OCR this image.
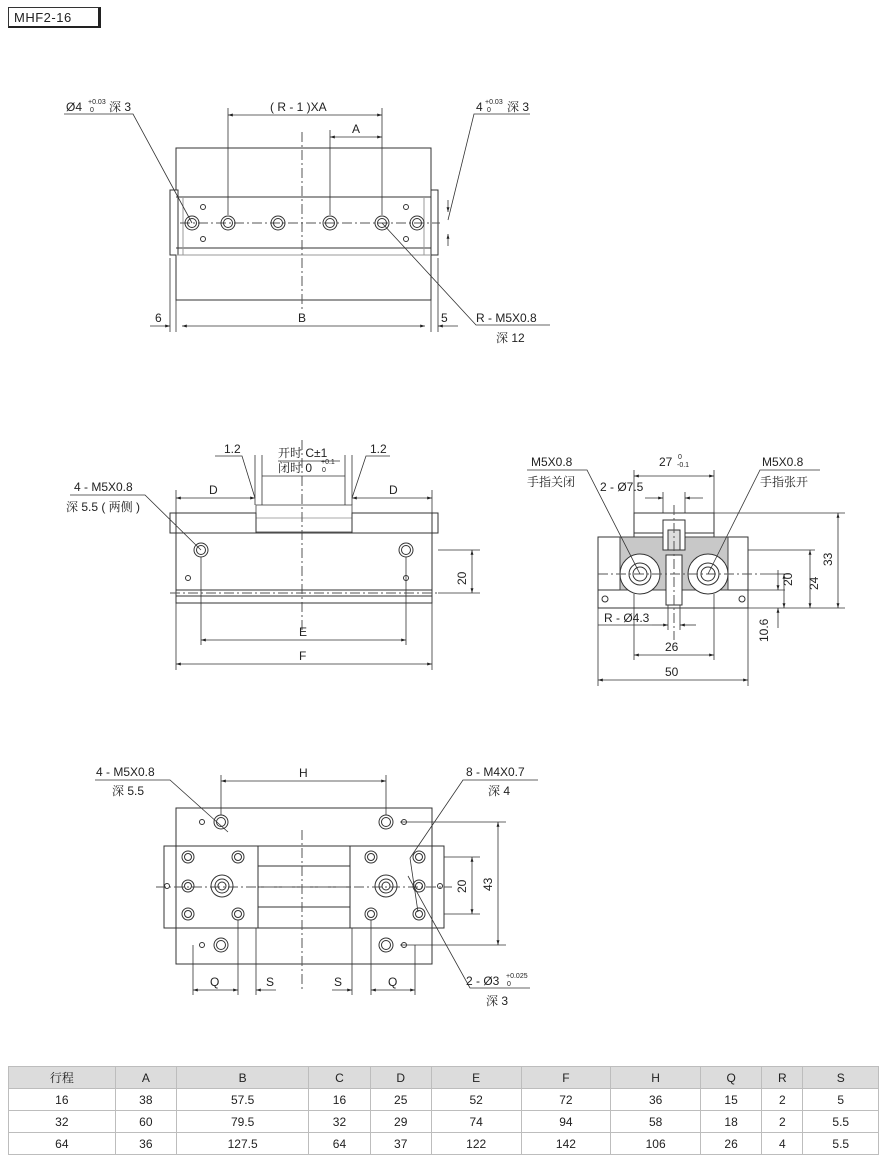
MHF2-16
Ø4 +0.03
0 深 3	( R - 1 )XA
A
4 +0.03
0 深 3
6	B	5 R - M5X0.8
深 12
1.2	1.2
开时 C±1
闭时 0 +0.1
0
D	D
4 - M5X0.8
深 5.5 ( 两侧 )
20
E
F
M5X0.8
手指关闭 2 - Ø7.5
27 0
-0.1	M5X0.8
手指张开
20 24
33
10.6
R - Ø4.3
26
50
4 - M5X0.8
深 5.5
H	8 - M4X0.7
深 4
20 43
Q	S	S	Q	2 - Ø3 +0.025
0
深 3
行程	A	B	C	D	E	F	H	Q	R	S
16	38	57.5	16	25	52	72	36	15	2	5
32	60	79.5	32	29	74	94	58	18	2	5.5
64	36	127.5	64	37	122	142	106	26	4	5.5
